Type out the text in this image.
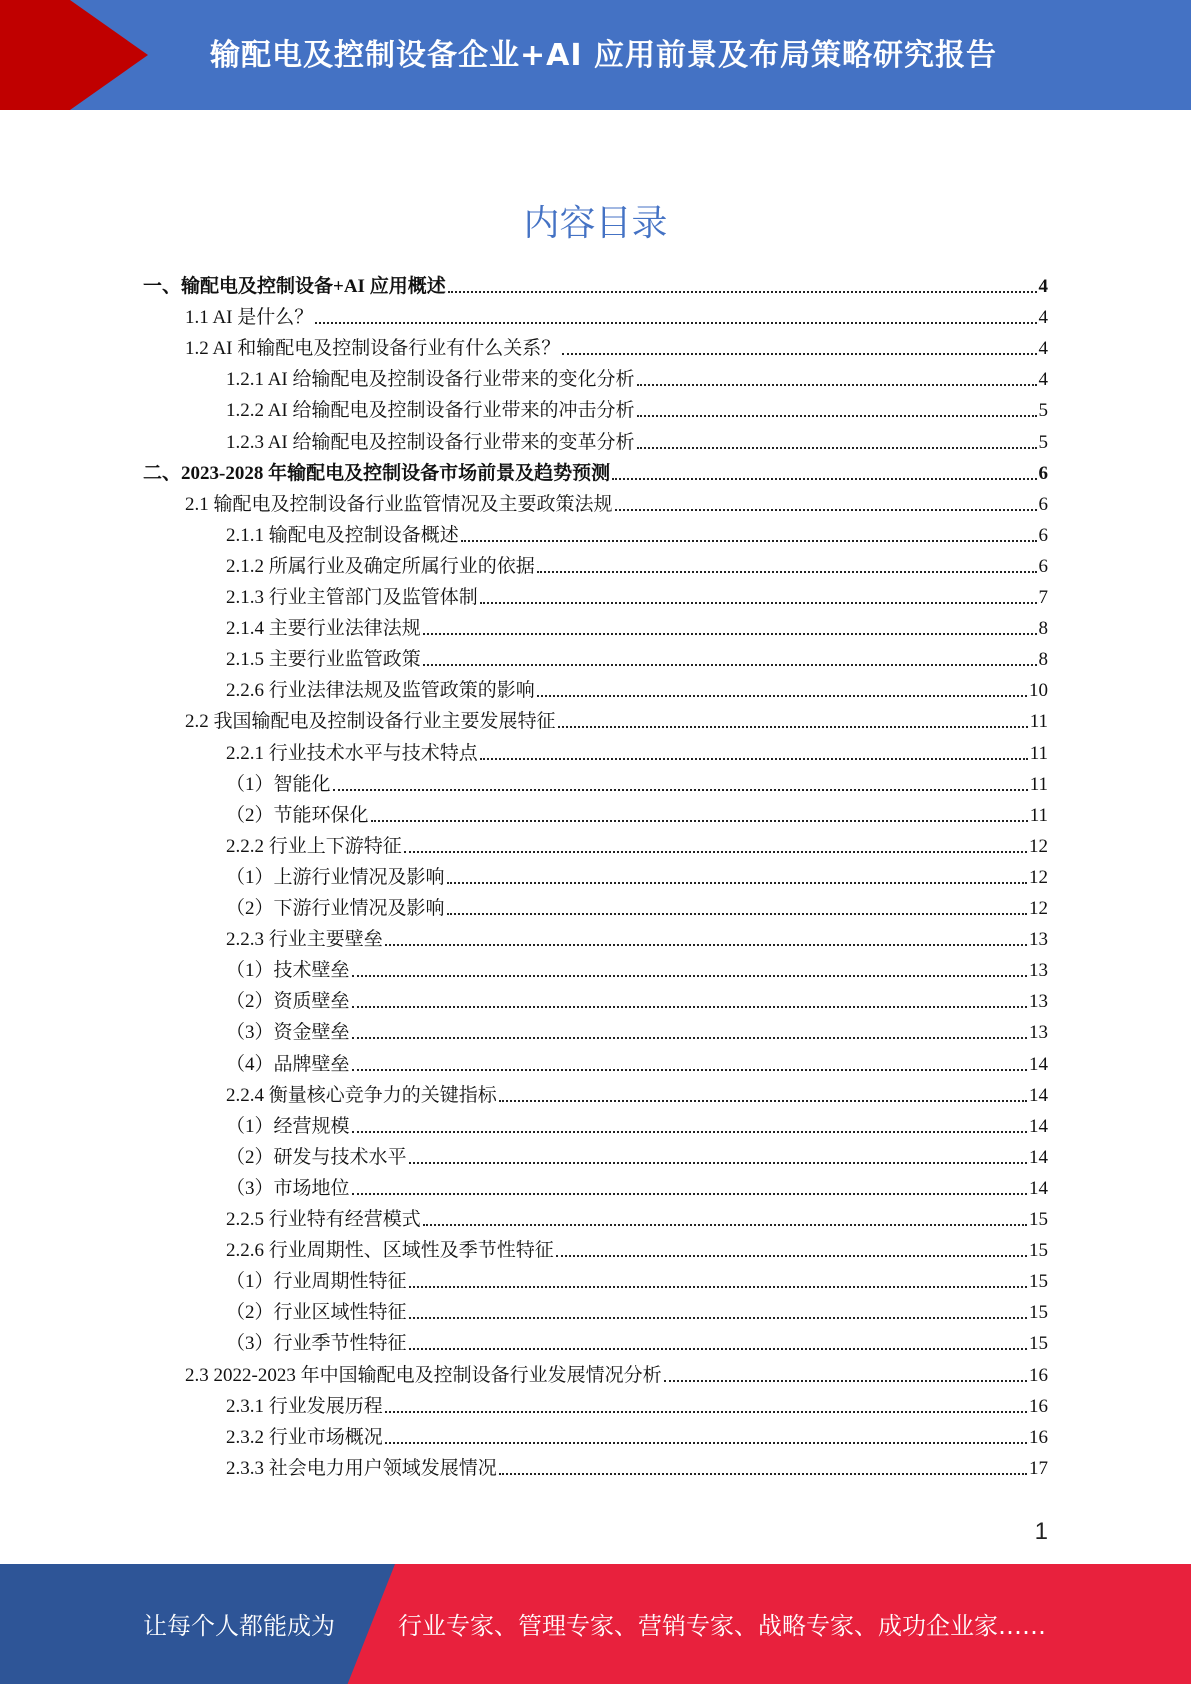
输配电及控制设备企业+AI 应用前景及布局策略研究报告
内容目录
一、输配电及控制设备+AI 应用概述	4
1.1 AI 是什么？	4
1.2 AI 和输配电及控制设备行业有什么关系？	4
1.2.1 AI 给输配电及控制设备行业带来的变化分析	4
1.2.2 AI 给输配电及控制设备行业带来的冲击分析	5
1.2.3 AI 给输配电及控制设备行业带来的变革分析	5
二、2023-2028 年输配电及控制设备市场前景及趋势预测	6
2.1 输配电及控制设备行业监管情况及主要政策法规	6
2.1.1 输配电及控制设备概述	6
2.1.2 所属行业及确定所属行业的依据	6
2.1.3 行业主管部门及监管体制	7
2.1.4 主要行业法律法规	8
2.1.5 主要行业监管政策	8
2.2.6 行业法律法规及监管政策的影响	10
2.2 我国输配电及控制设备行业主要发展特征	11
2.2.1 行业技术水平与技术特点	11
（1）智能化	11
（2）节能环保化	11
2.2.2 行业上下游特征	12
（1）上游行业情况及影响	12
（2）下游行业情况及影响	12
2.2.3 行业主要壁垒	13
（1）技术壁垒	13
（2）资质壁垒	13
（3）资金壁垒	13
（4）品牌壁垒	14
2.2.4 衡量核心竞争力的关键指标	14
（1）经营规模	14
（2）研发与技术水平	14
（3）市场地位	14
2.2.5 行业特有经营模式	15
2.2.6 行业周期性、区域性及季节性特征	15
（1）行业周期性特征	15
（2）行业区域性特征	15
（3）行业季节性特征	15
2.3 2022-2023 年中国输配电及控制设备行业发展情况分析	16
2.3.1 行业发展历程	16
2.3.2 行业市场概况	16
2.3.3 社会电力用户领域发展情况	17
1
让每个人都能成为	行业专家、管理专家、营销专家、战略专家、成功企业家……
